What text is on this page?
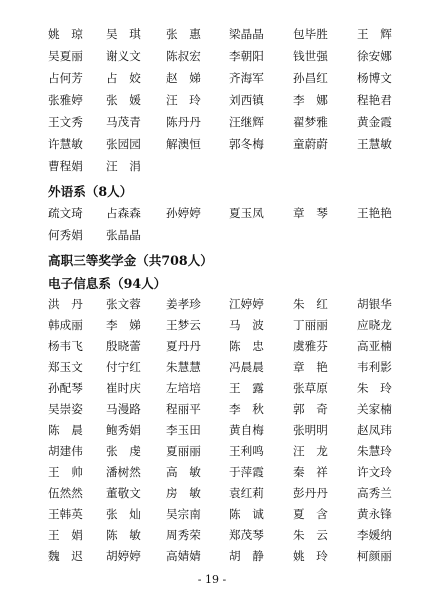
姚　琼 吴　琪 张　惠 梁晶晶	包毕胜	王　辉
吴夏丽 谢义文 陈叔宏 李朝阳	钱世强	徐安娜
占何芳 占　姣 赵　娣 齐海军	孙昌红	杨博文
张雅婷 张　媛 汪　玲 刘西镇	李　娜	程艳君
王文秀 马茂青 陈丹丹 汪继辉	翟梦雅	黄金霞
许慧敏 张园园 解澳恒 郭冬梅	童蔚蔚	王慧敏
曹程娟 汪　涓
外语系（8人）
疏文琦 占森森 孙婷婷 夏玉凤	章　琴	王艳艳
何秀娟 张晶晶
高职三等奖学金（共708人）
电子信息系（94人）
洪　丹 张文蓉 姜孝珍 江婷婷	朱　红	胡银华
韩成丽 李　娣 王梦云 马　波	丁丽丽	应晓龙
杨韦飞 殷晓蕾 夏丹丹 陈　忠	虞雅芬	高亚楠
郑玉文 付宁红 朱慧慧 冯晨晨	章　艳	韦利影
孙配琴 崔时庆 左培培 王　露	张草原	朱　玲
吴崇姿 马漫路 程丽平 李　秋	郭　奇	关家楠
陈　晨 鲍秀娟 李玉田 黄自梅	张明明	赵凤玮
胡建伟 张　虔 夏丽丽 王利鸣	汪　龙	朱慧玲
王　帅 潘树然 高　敏 于萍霞	秦　祥	许文玲
伍然然 董敬文 房　敏 袁红莉	彭丹丹	高秀兰
王韩英 张　灿 吴宗南 陈　诚	夏　含	黄永锋
王　娟 陈　敏 周秀荣 郑茂琴	朱　云	李媛纳
魏　迟 胡婷婷 高婧婧 胡　静	姚　玲	柯颜丽
- 19 -
